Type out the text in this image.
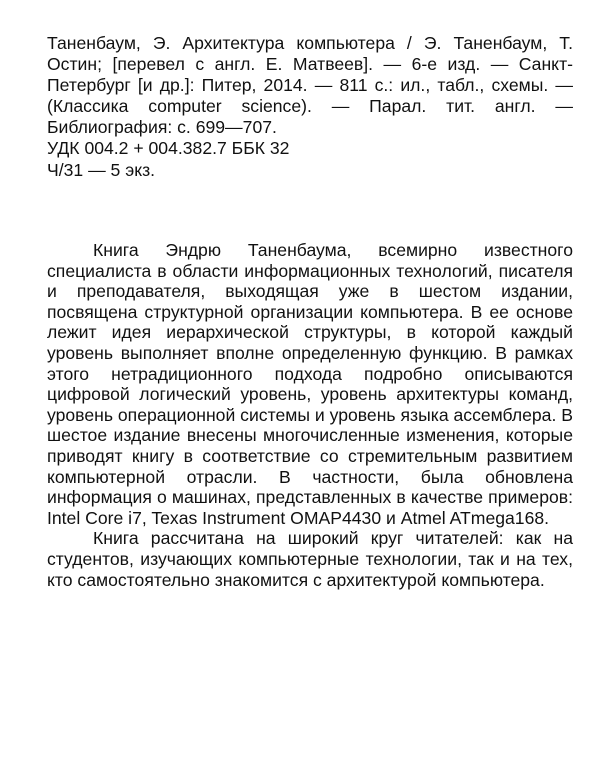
Таненбаум, Э. Архитектура компьютера / Э. Таненбаум, Т. Остин; [перевел с англ. Е. Матвеев]. — 6-е изд. — Санкт-Петербург [и др.]: Питер, 2014. — 811 с.: ил., табл., схемы. — (Классика computer science). — Парал. тит. англ. — Библиография: с. 699—707.

УДК 004.2 + 004.382.7 ББК 32
Ч/31 — 5 экз.

Книга Эндрю Таненбаума, всемирно известного специалиста в области информационных технологий, писателя и преподавателя, выходящая уже в шестом издании, посвящена структурной организации компьютера. В ее основе лежит идея иерархической структуры, в которой каждый уровень выполняет вполне определенную функцию. В рамках этого нетрадиционного подхода подробно описываются цифровой логический уровень, уровень архитектуры команд, уровень операционной системы и уровень языка ассемблера. В шестое издание внесены многочисленные изменения, которые приводят книгу в соответствие со стремительным развитием компьютерной отрасли. В частности, была обновлена информация о машинах, представленных в качестве примеров: Intel Core i7, Texas Instrument OMAP4430 и Atmel ATmega168.

Книга рассчитана на широкий круг читателей: как на студентов, изучающих компьютерные технологии, так и на тех, кто самостоятельно знакомится с архитектурой компьютера.
